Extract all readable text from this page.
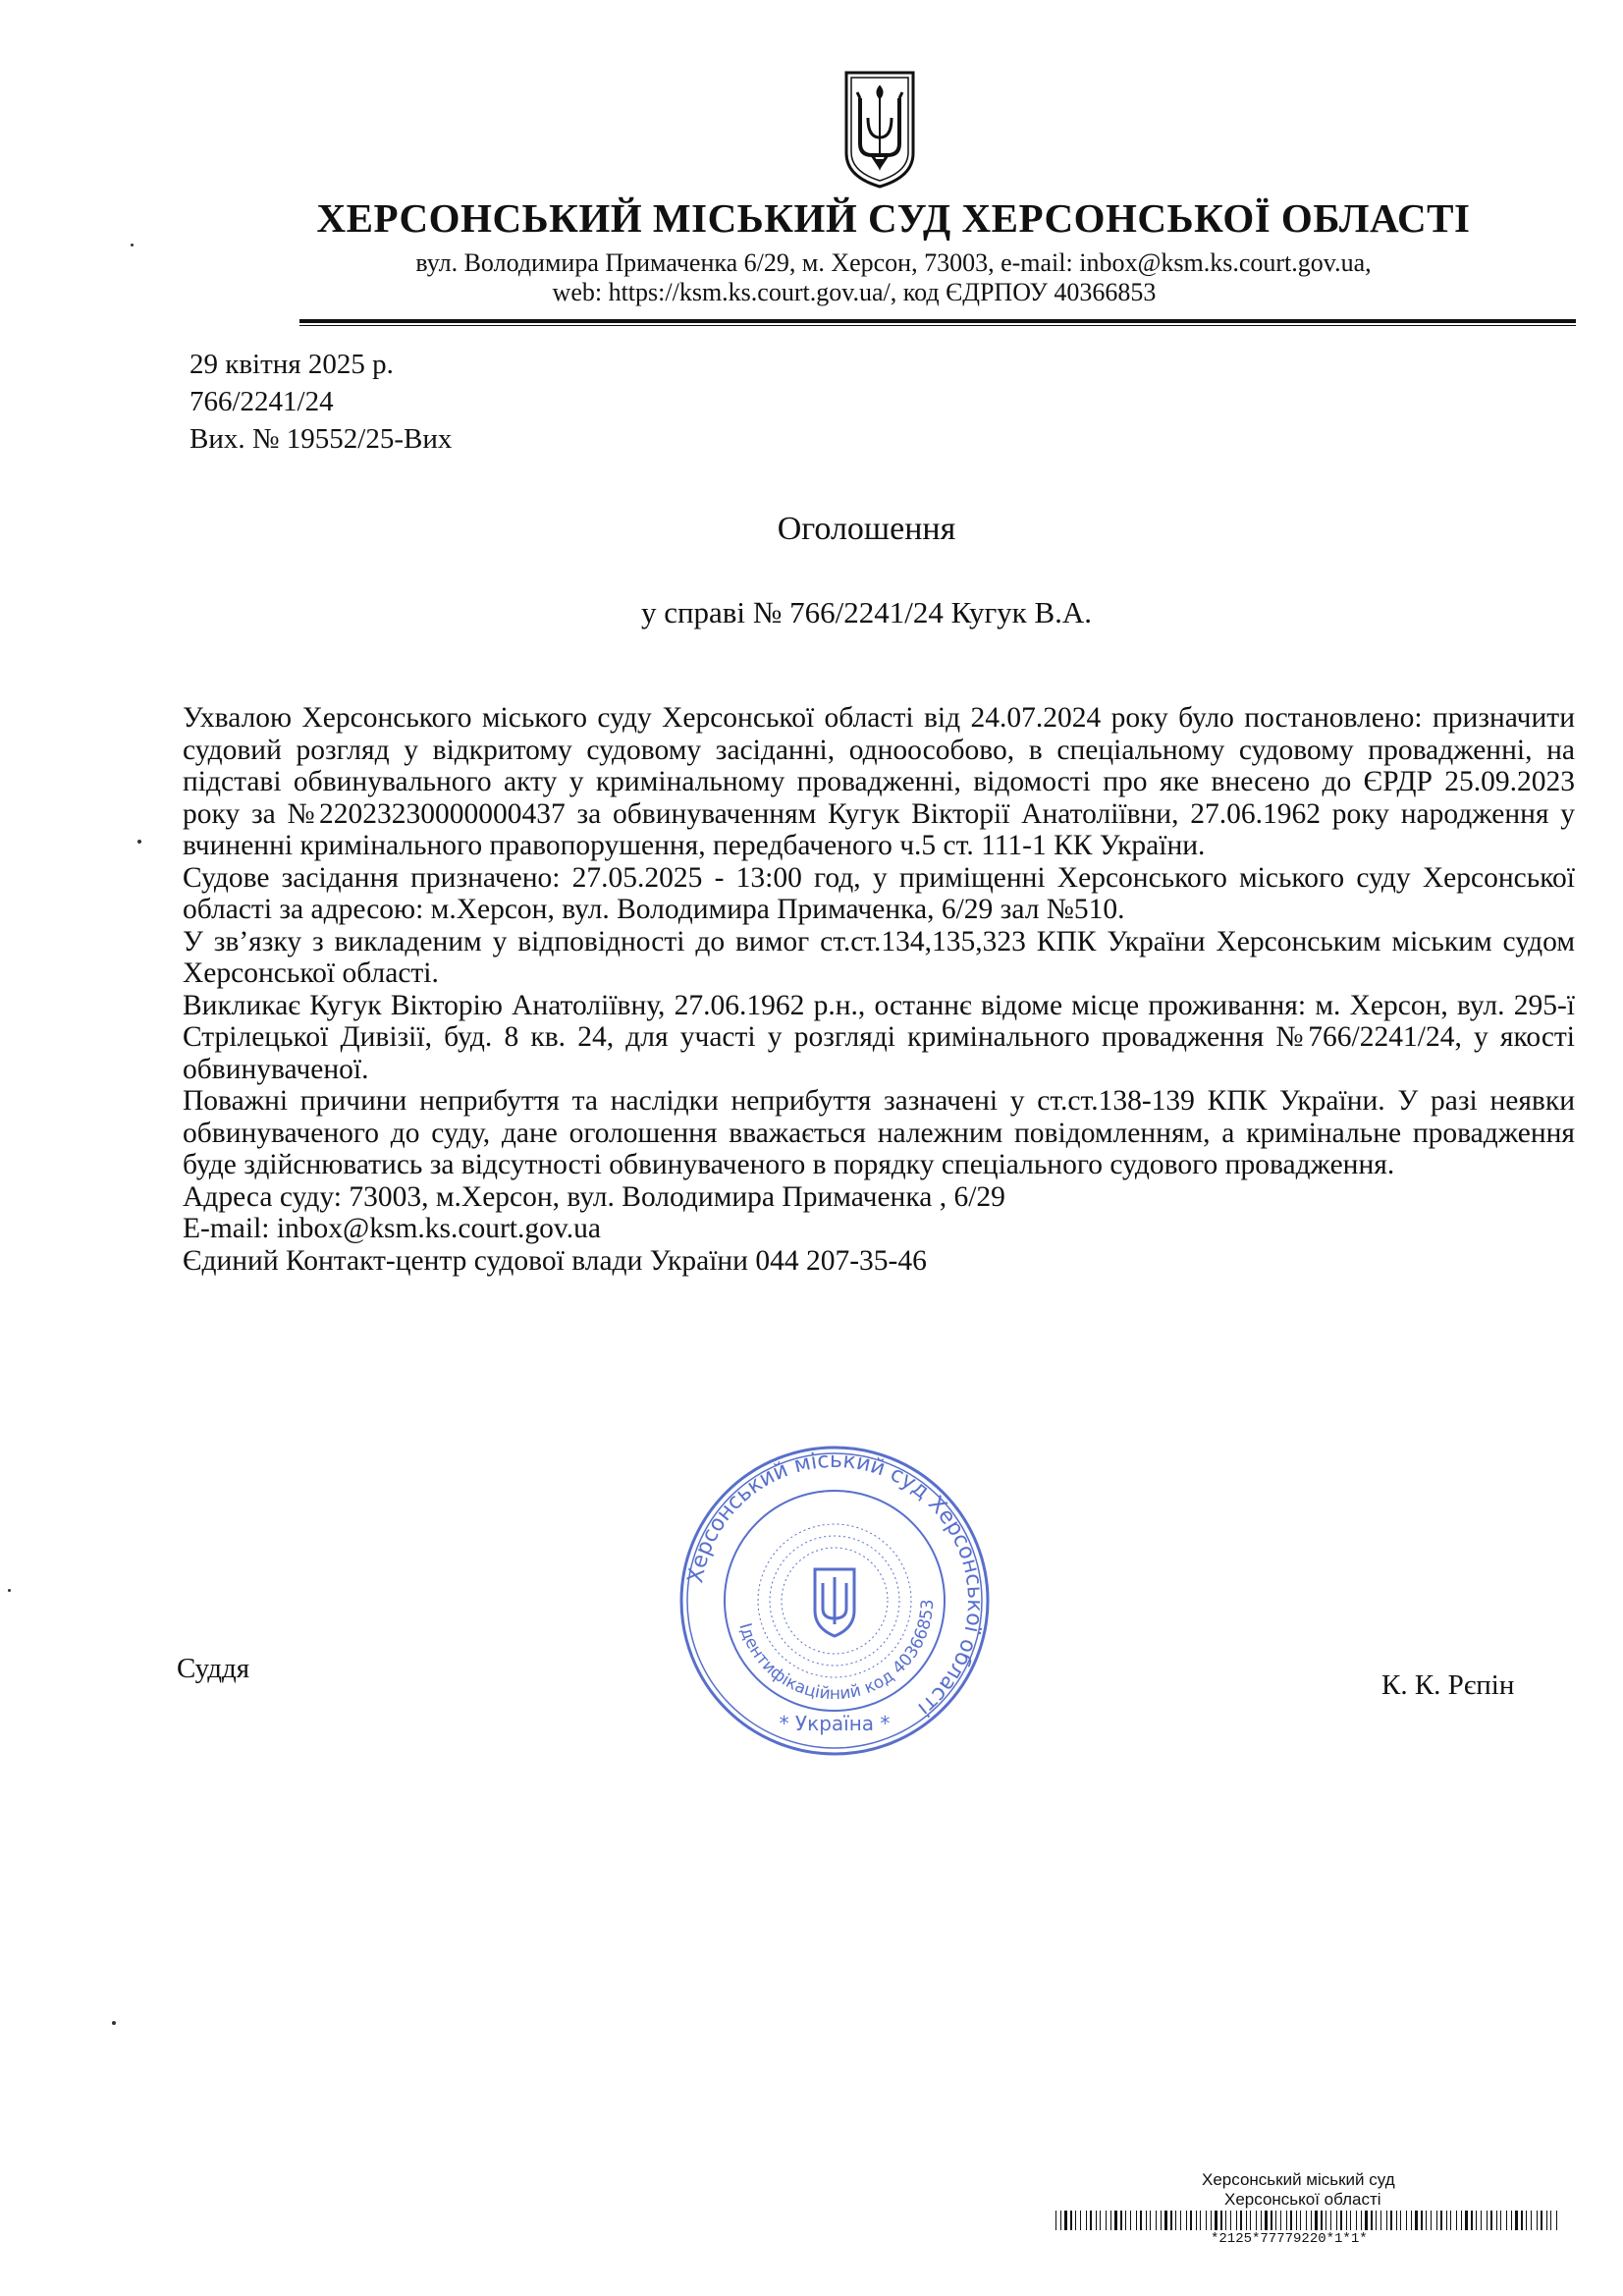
ХЕРСОНСЬКИЙ МІСЬКИЙ СУД ХЕРСОНСЬКОЇ ОБЛАСТІ
вул. Володимира Примаченка 6/29, м. Херсон, 73003, e-mail: inbox@ksm.ks.court.gov.ua,
web: https://ksm.ks.court.gov.ua/, код ЄДРПОУ 40366853
29 квітня 2025 р.
766/2241/24
Вих. № 19552/25-Вих
Оголошення
у справі № 766/2241/24 Кугук В.А.

Ухвалою Херсонського міського суду Херсонської області від 24.07.2024 року було постановлено: призначити судовий розгляд у відкритому судовому засіданні, одноособово, в спеціальному судовому провадженні, на підставі обвинувального акту у кримінальному провадженні, відомості про яке внесено до ЄРДР 25.09.2023 року за №22023230000000437 за обвинуваченням Кугук Вікторії Анатоліївни, 27.06.1962 року народження у вчиненні кримінального правопорушення, передбаченого ч.5 ст. 111-1 КК України.

Судове засідання призначено: 27.05.2025 - 13:00 год, у приміщенні Херсонського міського суду Херсонської області за адресою: м.Херсон, вул. Володимира Примаченка, 6/29 зал №510.

У зв’язку з викладеним у відповідності до вимог ст.ст.134,135,323 КПК України Херсонським міським судом Херсонської області.

Викликає Кугук Вікторію Анатоліївну, 27.06.1962 р.н., останнє відоме місце проживання: м. Херсон, вул. 295-ї Стрілецької Дивізії, буд. 8 кв. 24, для участі у розгляді кримінального провадження №766/2241/24, у якості обвинуваченої.

Поважні причини неприбуття та наслідки неприбуття зазначені у ст.ст.138-139 КПК України. У разі неявки обвинуваченого до суду, дане оголошення вважається належним повідомленням, а кримінальне провадження буде здійснюватись за відсутності обвинуваченого в порядку спеціального судового провадження.

Адреса суду: 73003, м.Херсон, вул. Володимира Примаченка , 6/29

E-mail: inbox@ksm.ks.court.gov.ua

Єдиний Контакт-центр судової влади України 044 207-35-46

Херсонський міський суд Херсонської області
Ідентифікаційний код 40366853
* Україна *
Суддя
К. К. Рєпін
Херсонський міський суд
Херсонської області
*2125*77779220*1*1*
